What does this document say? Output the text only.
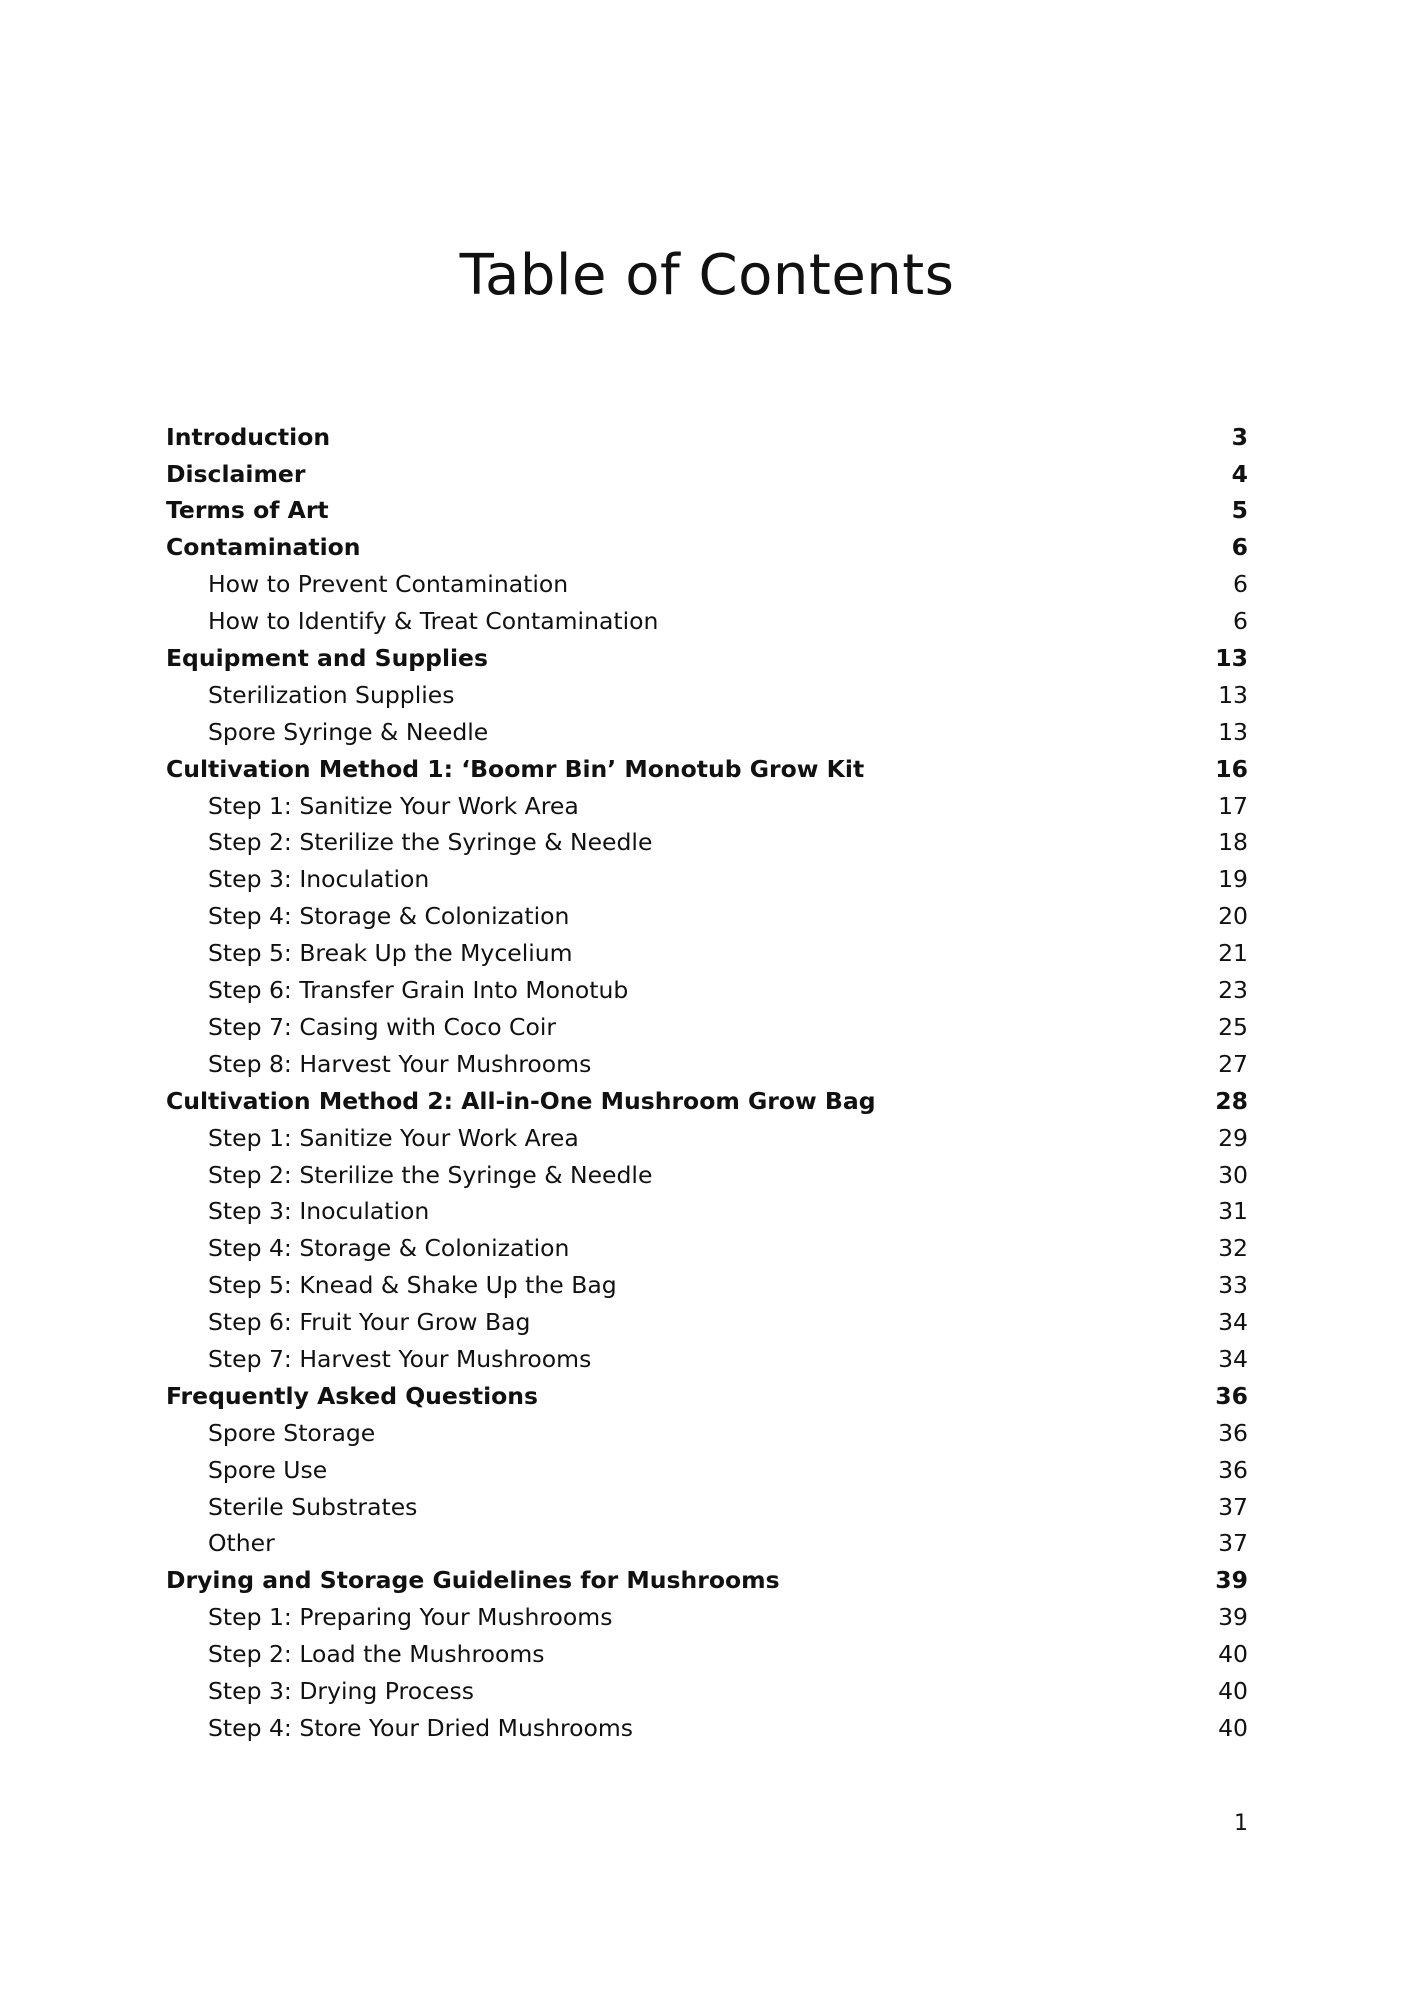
Table of Contents
Introduction	3
Disclaimer	4
Terms of Art	5
Contamination	6
How to Prevent Contamination	6
How to Identify & Treat Contamination	6
Equipment and Supplies	13
Sterilization Supplies	13
Spore Syringe & Needle	13
Cultivation Method 1: ‘Boomr Bin’ Monotub Grow Kit	16
Step 1: Sanitize Your Work Area	17
Step 2: Sterilize the Syringe & Needle	18
Step 3: Inoculation	19
Step 4: Storage & Colonization	20
Step 5: Break Up the Mycelium	21
Step 6: Transfer Grain Into Monotub	23
Step 7: Casing with Coco Coir	25
Step 8: Harvest Your Mushrooms	27
Cultivation Method 2: All-in-One Mushroom Grow Bag	28
Step 1: Sanitize Your Work Area	29
Step 2: Sterilize the Syringe & Needle	30
Step 3: Inoculation	31
Step 4: Storage & Colonization	32
Step 5: Knead & Shake Up the Bag	33
Step 6: Fruit Your Grow Bag	34
Step 7: Harvest Your Mushrooms	34
Frequently Asked Questions	36
Spore Storage	36
Spore Use	36
Sterile Substrates	37
Other	37
Drying and Storage Guidelines for Mushrooms	39
Step 1: Preparing Your Mushrooms	39
Step 2: Load the Mushrooms	40
Step 3: Drying Process	40
Step 4: Store Your Dried Mushrooms	40
1
